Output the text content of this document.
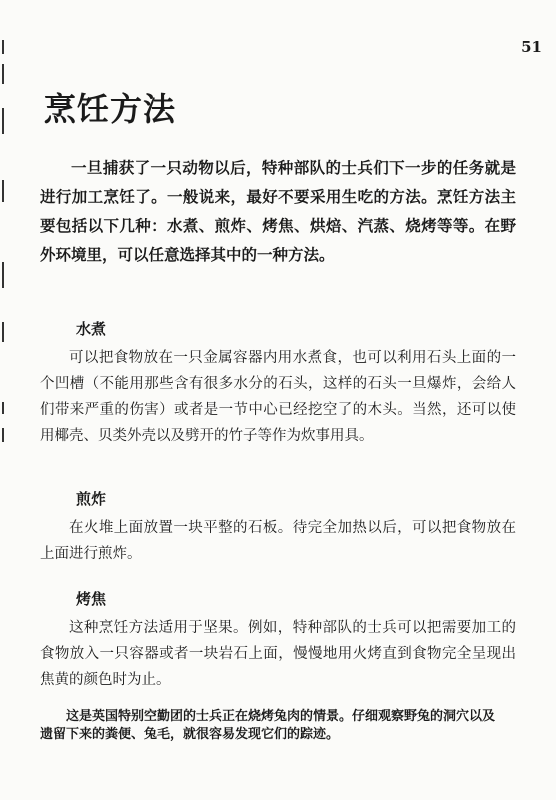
51
烹饪方法

一旦捕获了一只动物以后，特种部队的士兵们下一步的任务就是进行加工烹饪了。一般说来，最好不要采用生吃的方法。烹饪方法主要包括以下几种：水煮、煎炸、烤焦、烘焙、汽蒸、烧烤等等。在野外环境里，可以任意选择其中的一种方法。

水煮

可以把食物放在一只金属容器内用水煮食，也可以利用石头上面的一个凹槽（不能用那些含有很多水分的石头，这样的石头一旦爆炸，会给人们带来严重的伤害）或者是一节中心已经挖空了的木头。当然，还可以使用椰壳、贝类外壳以及劈开的竹子等作为炊事用具。

煎炸

在火堆上面放置一块平整的石板。待完全加热以后，可以把食物放在上面进行煎炸。

烤焦

这种烹饪方法适用于坚果。例如，特种部队的士兵可以把需要加工的食物放入一只容器或者一块岩石上面，慢慢地用火烤直到食物完全呈现出焦黄的颜色时为止。

这是英国特别空勤团的士兵正在烧烤兔肉的情景。仔细观察野兔的洞穴以及遗留下来的粪便、兔毛，就很容易发现它们的踪迹。
